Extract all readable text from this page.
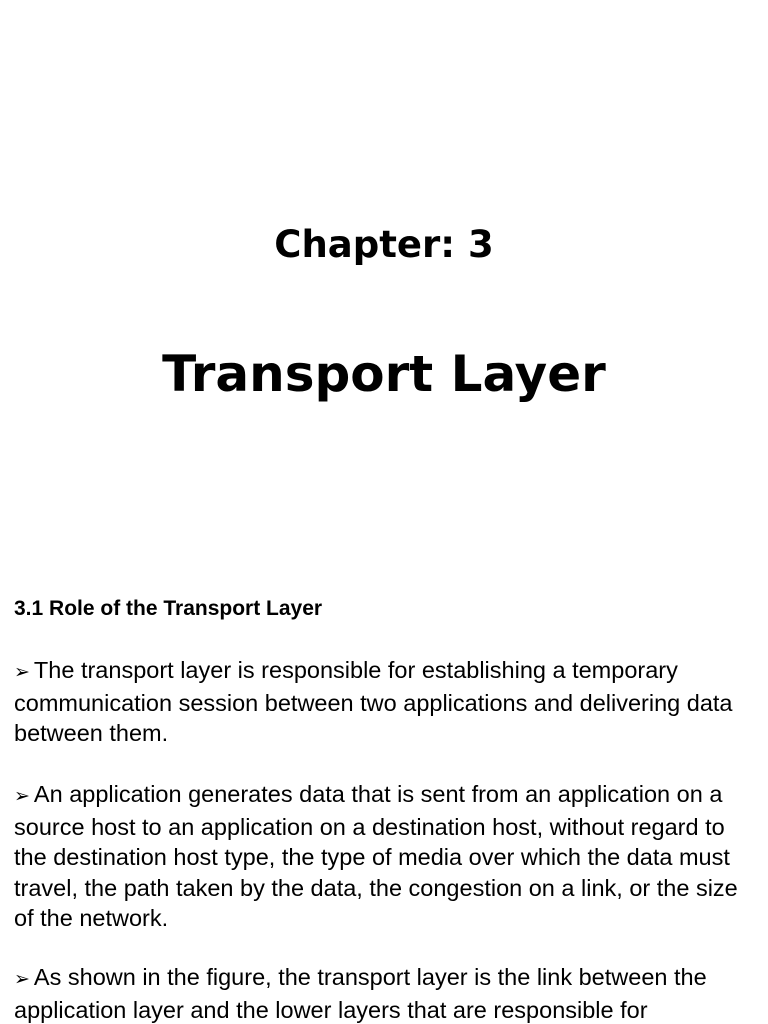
Chapter: 3
Transport Layer
3.1 Role of the Transport Layer

➢ The transport layer is responsible for establishing a temporary communication session between two applications and delivering data between them.

➢ An application generates data that is sent from an application on a source host to an application on a destination host, without regard to the destination host type, the type of media over which the data must travel, the path taken by the data, the congestion on a link, or the size of the network.

➢ As shown in the figure, the transport layer is the link between the application layer and the lower layers that are responsible for
